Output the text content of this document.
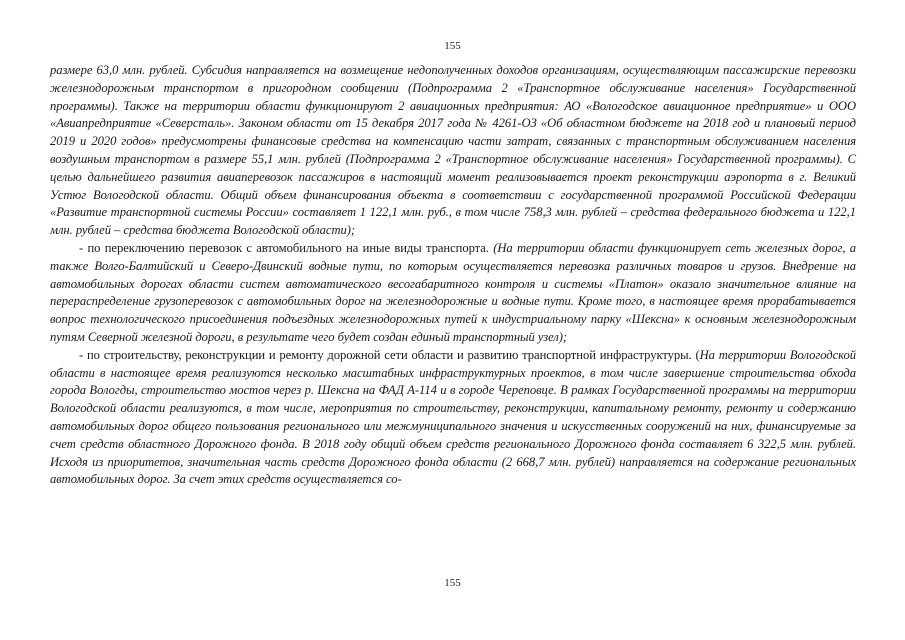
155

размере 63,0 млн. рублей. Субсидия направляется на возмещение недополученных доходов организациям, осуществляющим пассажирские перевозки железнодорожным транспортом в пригородном сообщении (Подпрограмма 2 «Транспортное обслуживание населения» Государственной программы). Также на территории области функционируют 2 авиационных предприятия: АО «Вологодское авиационное предприятие» и ООО «Авиапредприятие «Северсталь». Законом области от 15 декабря 2017 года № 4261-ОЗ «Об областном бюджете на 2018 год и плановый период 2019 и 2020 годов» предусмотрены финансовые средства на компенсацию части затрат, связанных с транспортным обслуживанием населения воздушным транспортом в размере 55,1 млн. рублей (Подпрограмма 2 «Транспортное обслуживание населения» Государственной программы). С целью дальнейшего развития авиаперевозок пассажиров в настоящий момент реализовывается проект реконструкции аэропорта в г. Великий Устюг Вологодской области. Общий объем финансирования объекта в соответствии с государственной программой Российской Федерации «Развитие транспортной системы России» составляет 1 122,1 млн. руб., в том числе 758,3 млн. рублей – средства федерального бюджета и 122,1 млн. рублей – средства бюджета Вологодской области);

- по переключению перевозок с автомобильного на иные виды транспорта. (На территории области функционирует сеть железных дорог, а также Волго-Балтийский и Северо-Двинский водные пути, по которым осуществляется перевозка различных товаров и грузов. Внедрение на автомобильных дорогах области систем автоматического весогабаритного контроля и системы «Платон» оказало значительное влияние на перераспределение грузоперевозок с автомобильных дорог на железнодорожные и водные пути. Кроме того, в настоящее время прорабатывается вопрос технологического присоединения подъездных железнодорожных путей к индустриальному парку «Шексна» к основным железнодорожным путям Северной железной дороги, в результате чего будет создан единый транспортный узел);

- по строительству, реконструкции и ремонту дорожной сети области и развитию транспортной инфраструктуры. (На территории Вологодской области в настоящее время реализуются несколько масштабных инфраструктурных проектов, в том числе завершение строительства обхода города Вологды, строительство мостов через р. Шексна на ФАД А-114 и в городе Череповце. В рамках Государственной программы на территории Вологодской области реализуются, в том числе, мероприятия по строительству, реконструкции, капитальному ремонту, ремонту и содержанию автомобильных дорог общего пользования регионального или межмуниципального значения и искусственных сооружений на них, финансируемые за счет средств областного Дорожного фонда. В 2018 году общий объем средств регионального Дорожного фонда составляет 6 322,5 млн. рублей. Исходя из приоритетов, значительная часть средств Дорожного фонда области (2 668,7 млн. рублей) направляется на содержание региональных автомобильных дорог. За счет этих средств осуществляется со-

155
